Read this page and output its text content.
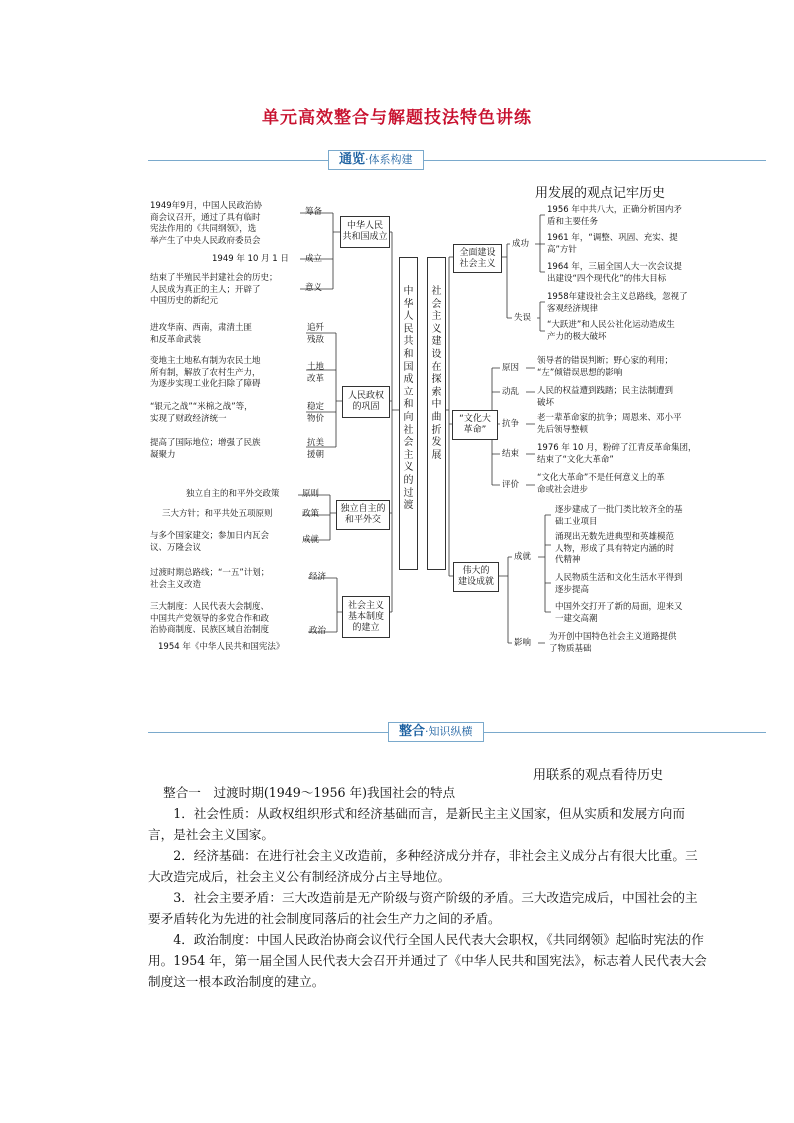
单元高效整合与解题技法特色讲练
通览·体系构建
用发展的观点记牢历史
1949年9月，中国人民政治协
商会议召开，通过了具有临时
宪法作用的《共同纲领》，选
举产生了中央人民政府委员会
筹备
1949 年 10 月 1 日 成立
结束了半殖民半封建社会的历史；
人民成为真正的主人；开辟了
中国历史的新纪元
意义
中华人民
共和国成立
进攻华南、西南，肃清土匪
和反革命武装
追歼
残敌
变地主土地私有制为农民土地
所有制，解放了农村生产力，
为逐步实现工业化扫除了障碍
土地
改革
“银元之战”“米棉之战”等，
实现了财政经济统一
稳定
物价
提高了国际地位；增强了民族
凝聚力
抗美
援朝
人民政权
的巩固
独立自主的和平外交政策	原则
三大方针；和平共处五项原则	政策
与多个国家建交；参加日内瓦会
议、万隆会议
成就
独立自主的
和平外交
过渡时期总路线；“一五”计划；
社会主义改造
经济
三大制度：人民代表大会制度、
中国共产党领导的多党合作和政
治协商制度、民族区域自治制度	政治
1954 年《中华人民共和国宪法》
社会主义
基本制度
的建立
中华人民共和国成立和向社会主义的过渡
社会主义建设在探索中曲折发展
全面建设
社会主义
成功
1956 年中共八大，正确分析国内矛
盾和主要任务
1961 年，“调整、巩固、充实、提
高”方针
1964 年，三届全国人大一次会议提
出建设“四个现代化”的伟大目标
失误
1958年建设社会主义总路线，忽视了
客观经济规律
“大跃进”和人民公社化运动造成生
产力的极大破坏
“文化大
革命”
原因
领导者的错误判断；野心家的利用；
“左”倾错误思想的影响
动乱 人民的权益遭到践踏；民主法制遭到
破坏
抗争
老一辈革命家的抗争；周恩来、邓小平
先后领导整顿
结束
1976 年 10 月，粉碎了江青反革命集团，
结束了“文化大革命”
评价
“文化大革命”不是任何意义上的革
命或社会进步
伟大的
建设成就
成就
逐步建成了一批门类比较齐全的基
础工业项目
涌现出无数先进典型和英雄模范
人物，形成了具有特定内涵的时
代精神
人民物质生活和文化生活水平得到
逐步提高
中国外交打开了新的局面，迎来又
一建交高潮
影响
为开创中国特色社会主义道路提供
了物质基础
整合·知识纵横
用联系的观点看待历史

整合一　过渡时期(1949～1956 年)我国社会的特点

1．社会性质：从政权组织形式和经济基础而言，是新民主主义国家，但从实质和发展方向而言，是社会主义国家。

2．经济基础：在进行社会主义改造前，多种经济成分并存，非社会主义成分占有很大比重。三大改造完成后，社会主义公有制经济成分占主导地位。

3．社会主要矛盾：三大改造前是无产阶级与资产阶级的矛盾。三大改造完成后，中国社会的主要矛盾转化为先进的社会制度同落后的社会生产力之间的矛盾。

4．政治制度：中国人民政治协商会议代行全国人民代表大会职权，《共同纲领》起临时宪法的作用。1954 年，第一届全国人民代表大会召开并通过了《中华人民共和国宪法》，标志着人民代表大会制度这一根本政治制度的建立。
